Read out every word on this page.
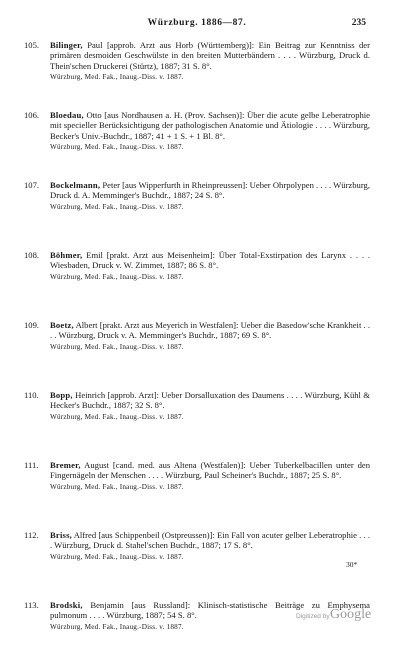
Würzburg. 1886—87.	235
105.	Bilinger, Paul [approb. Arzt aus Horb (Württemberg)]: Ein Beitrag zur Kenntniss der primären desmoiden Geschwülste in den breiten Mutterbändern . . . . Würzburg, Druck d. Thein'schen Druckerei (Stürtz), 1887; 31 S. 8°.
Würzburg, Med. Fak., Inaug.-Diss. v. 1887.
106.	Bloedau, Otto [aus Nordhausen a. H. (Prov. Sachsen)]: Über die acute gelbe Leberatrophie mit specieller Berücksichtigung der pathologischen Anatomie und Ätiologie . . . . Würzburg, Becker's Univ.-Buchdr., 1887; 41 + 1 S. + 1 Bl. 8°.
Würzburg, Med. Fak., Inaug.-Diss. v. 1887.
107.	Bockelmann, Peter [aus Wipperfurth in Rheinpreussen]: Ueber Ohrpolypen . . . . Würzburg, Druck d. A. Memminger's Buchdr., 1887; 24 S. 8°.
Würzburg, Med. Fak., Inaug.-Diss. v. 1887.
108.	Böhmer, Emil [prakt. Arzt aus Meisenheim]: Über Total-Exstirpation des Larynx . . . . Wiesbaden, Druck v. W. Zimmet, 1887; 86 S. 8°.
Würzburg, Med. Fak., Inaug.-Diss. v. 1887.
109.	Boetz, Albert [prakt. Arzt aus Meyerich in Westfalen]: Ueber die Basedow'sche Krankheit . . . . Würzburg, Druck v. A. Memminger's Buchdr., 1887; 69 S. 8°.
Würzburg, Med. Fak., Inaug.-Diss. v. 1887.
110.	Bopp, Heinrich [approb. Arzt]: Ueber Dorsalluxation des Daumens . . . . Würzburg, Kühl & Hecker's Buchdr., 1887; 32 S. 8°.
Würzburg, Med. Fak., Inaug.-Diss. v. 1887.
111.	Bremer, August [cand. med. aus Altena (Westfalen)]: Ueber Tuberkelbacillen unter den Fingernägeln der Menschen . . . . Würzburg, Paul Scheiner's Buchdr., 1887; 25 S. 8°.
Würzburg, Med. Fak., Inaug.-Diss. v. 1887.
112.	Briss, Alfred [aus Schippenbeil (Ostpreussen)]: Ein Fall von acuter gelber Leberatrophie . . . . Würzburg, Druck d. Stahel'schen Buchdr., 1887; 17 S. 8°.
Würzburg, Med. Fak., Inaug.-Diss. v. 1887.
113.	Brodski, Benjamin [aus Russland]: Klinisch-statistische Beiträge zu Emphysema pulmonum . . . . Würzburg, 1887; 54 S. 8°.
Würzburg, Med. Fak., Inaug.-Diss. v. 1887.
30*
Digitized by Google
